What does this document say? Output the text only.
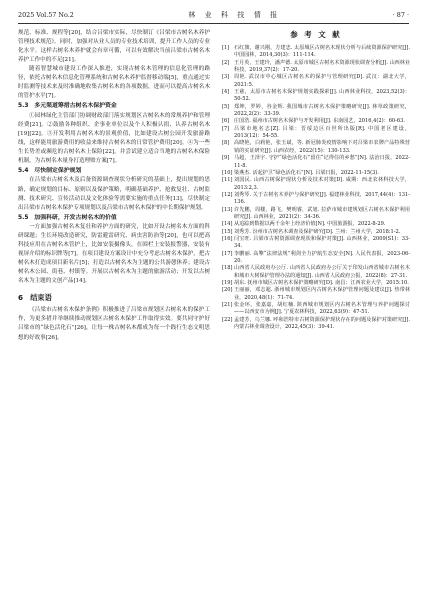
2025 Vol.57 No.2	林　业　科　技　情　报	· 87 ·

规范、标准、规程等[20]，结合吕梁市实际，尽快制订《吕梁市古树名木养护管理技术规范》。同时，加强对从业人员的专业技术培训，提升工作人员的专业化水平。这样古树名木养护就会有章可循，可以有效解决当前吕梁市古树名木养护工作中的不足[21]。

随着智慧城市建设工作深入推进，实现古树名木管理的信息化管理的路径，依托古树名木信息化管理系统和古树名木养护监督移动端[5]，重点通过实时监测等技术来及时准确地收集古树名木的各项数据，进而可以提高古树名木的管护水平[7]。

5.3　多元渠道筹措古树名木保护资金

①园林绿化主管部门协调财政部门落实规划区古树名木的常规养护和管理经费[21]。②鼓励各种组织、企事业单位以及个人积极认捐、认养古树名木[19][22]。③开发利用古树名木的景观价值，比如建设古树公园开发旅游路线，这样能用旅游费用的收益来维持古树名木的日常管护费用[20]。④为一些生长势差或濒危的古树名木上保险[22]，并尝试建立适合当地的古树名木保险机制，为古树名木量身打造理赔方案[7]。

5.4　尽快制定保护规划

在吕梁市古树名木及后备资源调查现状分析研究的基础上，提出规划的思路，确定规划的目标、原则以及保护策略，明确基础养护、抢救复壮、古树监测、技术研究、宣传活动以及文化体验等需要实施的重点任务[13]，尽快制定出吕梁市古树名木保护专项规划以及吕梁市古树名木保护的中长期保护规划。

5.5　加强科研，开发古树名木的价值

一方面加强古树名木复壮和养护方面的研究，比如开设古树名木方面的科研课题；生长环境改造研究，防雷避雷研究、病虫害防治等[20]，也可以把高科技应用在古树名木管护上，比如安装摄像头，在围栏上安装报警器，安装有视屏介绍的标识牌等[7]。在项目建设方案设计中充分考虑古树名木保护，把古树名木打造成项目新名片[5]；打造以古树名木为主题的公共游憩休养；建设古树名木公园、街巷、村镇等。开展以古树名木为主题的旅游活动；开发以古树名木为主题的文创产品[14]。

6　结束语

《吕梁市古树名木保护条例》积极推进了吕梁市规划区古树名木的保护工作，为更多措并举继续推动规划区古树名木保护工作取得实效。要共同守护好吕梁市的“绿色活化石”[26]，让每一株古树名木都成为每一个践行生态文明思想的好故事[26]。

参 考 文 献
[1] 石红旗，谢兴刚，方建忠. 太原城区古树名木现状分析与后续资源保护研究[J]. 中国园林，2014,30(3)：111-114.
[2] 王月英，王建玲，潘声德. 太原市城区古树名木资源现状调查分析[J]. 山西林业科技，2019,37(2)：17-20.
[3] 周艳. 武汉市中心城区古树名木的保护与管理研究[D]. 武汉：湖北大学，2021:5.
[4] 王慈，太原市古树名木保护规划实践探索[J]. 山西林业科技，2023,52(3)：50-52.
[5] 郑坤，罗婷，谷金辉. 我国城市古树名木保护策略研究[J]. 林草政策研究，2022,2(2)：33-39.
[6] 庄国浩. 福州市古树名木保护与开发利用[J]. 东南园艺，2016,4(2)：60-63.
[7] 吕梁市地名志[Z]. 吕梁：晋绥边区百世所出版[R]. 中国老区建设，2013(12)：54-55.
[8] 高晓艳，白莉艳，张玉斌，等. 新冠肺炎疫情影响下对吕梁市农牌产品特殊营销的实证研究[J]. 山西农经，2022(15)：130-133.
[9] 马超，王泽宇. 守护“绿色活化石”留住“记得住的乡愁”[N]. 法治日报，2022-11-8.
[10] 梁燕杰. 活起护卫“绿色活化石”[N]. 吕梁日报，2022-11-15(3).
[11] 刘国民. 山西古树保护现状分析及技术对策[D]. 咸期：西北农林科技大学，2013:2,3.
[12] 刘秀琴. 关于古树名木养护与保护研究[J]. 福建林业科技，2017,44(4)：131-136.
[13] 许先鹏，周楼，路飞，樊明睿，武旭. 拉萨市城市建规划区古树名木保护利用研究[J]. 山西林业，2021(2)：34-36.
[14] 从追踪到数据以两千余年上经济价值[N]. 中国旅游报，2022-8-29.
[15] 刘秀芳. 汾州市古树名木调查及保护研究[D]. 兰州：兰州大学，2018:1-2.
[16] 闫宝旺. 吕梁市古树资源调查现状和保护对策[J]. 山西林业，2009(S1)：33-34.
[17] 李鹏丽. 高擎“法律法规”利剑全力护航生态安全[N]. 人民代表报，2023-06-20.
[18] 山西省人民政府办公厅. 山西省人民政府办公厅关于印发山西省城市古树名木和城市大树保护管理办法的通知[J]. 山西省人民政府公报，2022(8)：27-31.
[19] 胡东. 抚州市城区古树名木保护策略研究[D]. 南昌：江西农业大学，2015:10.
[20] 王丽丽，邓志超. 浙州城市规划区内古树名木保护管理问题及建议[J]. 热带林业，2020,48(1)：71-74.
[21] 张金环，张嘉嘉，胡红楠. 陕西城市规划区内古树名木管理与养护问题探讨——以西安市为例[J]. 宁夏农林科技，2022,63(9)：47-51.
[22] 孟建芳，乌兰娜. 呼和浩特市古树资源保护现状存在的问题及保护对策研究[J]. 内蒙古林业调查设计，2022,45(3)：39-41.
